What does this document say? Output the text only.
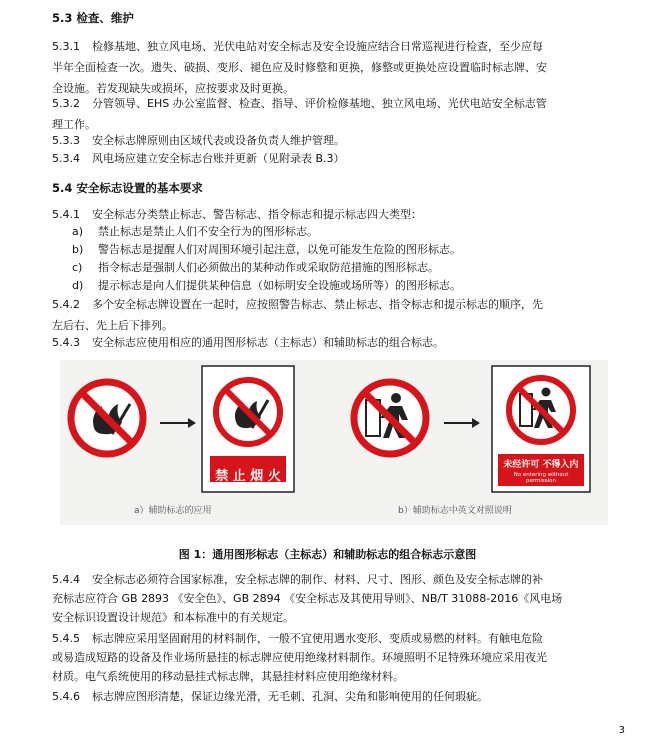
5.3 检查、维护
5.3.1 检修基地、独立风电场、光伏电站对安全标志及安全设施应结合日常巡视进行检查，至少应每
半年全面检查一次。遗失、破损、变形、褪色应及时修整和更换，修整或更换处应设置临时标志牌、安
全设施。若发现缺失或损坏，应按要求及时更换。
5.3.2 分管领导、EHS 办公室监督、检查、指导、评价检修基地、独立风电场、光伏电站安全标志管
理工作。
5.3.3 安全标志牌原则由区域代表或设备负责人维护管理。
5.3.4 风电场应建立安全标志台账并更新（见附录表 B.3）
5.4 安全标志设置的基本要求
5.4.1 安全标志分类禁止标志、警告标志、指令标志和提示标志四大类型：
a) 禁止标志是禁止人们不安全行为的图形标志。
b) 警告标志是提醒人们对周围环境引起注意，以免可能发生危险的图形标志。
c) 指令标志是强制人们必须做出的某种动作或采取防范措施的图形标志。
d) 提示标志是向人们提供某种信息（如标明安全设施或场所等）的图形标志。
5.4.2 多个安全标志牌设置在一起时，应按照警告标志、禁止标志、指令标志和提示标志的顺序，先
左后右、先上后下排列。
5.4.3 安全标志应使用相应的通用图形标志（主标志）和辅助标志的组合标志。
禁 止 烟 火
未经许可 不得入内
No entering without permission
a）辅助标志的应用	b）辅助标志中英文对照说明
图 1：通用图形标志（主标志）和辅助标志的组合标志示意图
5.4.4 安全标志必须符合国家标准，安全标志牌的制作、材料、尺寸、图形、颜色及安全标志牌的补
充标志应符合 GB 2893 《安全色》、GB 2894 《安全标志及其使用导则》、NB/T 31088-2016《风电场
安全标识设置设计规范》和本标准中的有关规定。
5.4.5 标志牌应采用坚固耐用的材料制作，一般不宜使用遇水变形、变质或易燃的材料。有触电危险
或易造成短路的设备及作业场所悬挂的标志牌应使用绝缘材料制作。环境照明不足特殊环境应采用夜光
材质。电气系统使用的移动悬挂式标志牌，其悬挂材料应使用绝缘材料。
5.4.6 标志牌应图形清楚，保证边缘光滑，无毛刺、孔洞、尖角和影响使用的任何瑕疵。
3
